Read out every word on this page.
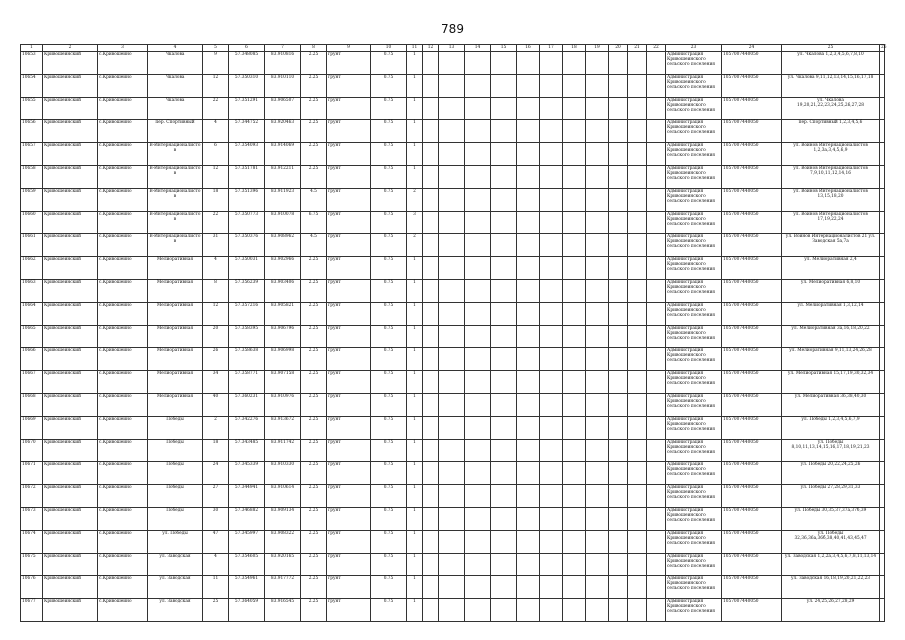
789
1	2	3	4	5	6	7	8	9	10	11	12	13	14	15	16	17	18	19	20	21	22	23	24	25	26
10653	Кривошеинский	с.Кривошеино	Чкалова	9	57.348085	83.910816	2.25	грунт	0.75	1												Администрация Кривошеинского сельского поселения	1057007440050	ул. Чкалова 1,2,3,4,5,6,7,8,10	
10654	Кривошеинский	с.Кривошеино	Чкалова	12	57.350310	83.910110	2.25	грунт	0.75	1												Администрация Кривошеинского сельского поселения	1057007440050	ул. Чкалова 9,11,12,13,14,15,16,17,18	
10655	Кривошеинский	с.Кривошеино	Чкалова	22	57.351291	83.906507	2.25	грунт	0.75	1												Администрация Кривошеинского сельского поселения	1057007440050	ул. Чкалова 19,20,21,22,23,24,25,26,27,28	
10656	Кривошеинский	с.Кривошеино	пер. Спортивный	4	57.344752	83.920463	2.25	грунт	0.75	1												Администрация Кривошеинского сельского поселения	1057007440050	пер. Спортивный 1,2,3,4,5,6	
10657	Кривошеинский	с.Кривошеино	В-Интернационалисто в	6	57.354093	83.914069	2.25	грунт	0.75	1												Администрация Кривошеинского сельского поселения	1057007440050	ул. Воинов Интернационалистов 1,2,3а,3,4,5,6,9	
10658	Кривошеинский	с.Кривошеино	В-Интернационалисто в	12	57.351781	83.912211	2.25	грунт	0.75	1												Администрация Кривошеинского сельского поселения	1057007440050	ул. Воинов Интернационалистов 7,9,10,11,12,14,16	
10659	Кривошеинский	с.Кривошеино	В-Интернационалисто в	18	57.351396	83.911923	4.5	грунт	0.75	2												Администрация Кривошеинского сельского поселения	1057007440050	ул. Воинов Интернационалистов 13,15,18,20	
10660	Кривошеинский	с.Кривошеино	В-Интернационалисто в	22	57.350773	83.910078	6.75	грунт	0.75	3												Администрация Кривошеинского сельского поселения	1057007440050	ул. Воинов Интернационалистов 17,19,22,24	
10661	Кривошеинский	с.Кривошеино	В-Интернационалисто в	31	57.350376	83.908962	4.5	грунт	0.75	2												Администрация Кривошеинского сельского поселения	1057007440050	ул. Воинов Интернационалистов 21 ул. Заводская 5а,7а	
10662	Кривошеинский	с.Кривошеино	Мелиоративная	4	57.350031	83.902966	2.25	грунт	0.75	1												Администрация Кривошеинского сельского поселения	1057007440050	ул. Мелиоративная 2,4	
10663	Кривошеинский	с.Кривошеино	Мелиоративная	8	57.356239	83.903406	2.25	грунт	0.75	1												Администрация Кривошеинского сельского поселения	1057007440050	ул. Мелиоративная 6,8,10	
10664	Кривошеинский	с.Кривошеино	Мелиоративная	12	57.357216	83.905821	2.25	грунт	0.75	1												Администрация Кривошеинского сельского поселения	1057007440050	ул. Мелиоративная 1,3,12,14	
10665	Кривошеинский	с.Кривошеино	Мелиоративная	20	57.358395	83.906796	2.25	грунт	0.75	1												Администрация Кривошеинского сельского поселения	1057007440050	ул. Мелиоративная 3а,16,18,20,22	
10666	Кривошеинский	с.Кривошеино	Мелиоративная	26	57.358638	83.906998	2.25	грунт	0.75	1												Администрация Кривошеинского сельского поселения	1057007440050	ул. Мелиоративная 9,11,13,24,26,28	
10667	Кривошеинский	с.Кривошеино	Мелиоративная	34	57.358771	83.907158	2.25	грунт	0.75	1												Администрация Кривошеинского сельского поселения	1057007440050	ул. Мелиоративная 15,17,19,30,32,34	
10668	Кривошеинский	с.Кривошеино	Мелиоративная	40	57.360231	83.910976	2.25	грунт	0.75	1												Администрация Кривошеинского сельского поселения	1057007440050	ул. Мелиоративная 36,38,40,30	
10669	Кривошеинский	с.Кривошеино	Победы	2	57.342276	83.913672	2.25	грунт	0.75	1												Администрация Кривошеинского сельского поселения	1057007440050	ул. Победы 1,2,3,4,5,6,7,9	
10670	Кривошеинский	с.Кривошеино	Победы	18	57.343485	83.911742	2.25	грунт	0.75	1												Администрация Кривошеинского сельского поселения	1057007440050	ул. Победы 8,10,11,13,14,15,16,17,18,19,21,23	
10671	Кривошеинский	с.Кривошеино	Победы	24	57.345339	83.910330	2.25	грунт	0.75	1												Администрация Кривошеинского сельского поселения	1057007440050	ул. Победы 20,22,24,25,26	
10672	Кривошеинский	с.Кривошеино	Победы	27	57.344941	83.910614	2.25	грунт	0.75	1												Администрация Кривошеинского сельского поселения	1057007440050	ул. Победы 27,28,29,31,33	
10673	Кривошеинский	с.Кривошеино	Победы	30	57.346882	83.909134	2.25	грунт	0.75	1												Администрация Кривошеинского сельского поселения	1057007440050	ул. Победы 30,35,37,37а,37б,39	
10674	Кривошеинский	с.Кривошеино	ул. Победы	47	57.345997	83.908322	2.25	грунт	0.75	1												Администрация Кривошеинского сельского поселения	1057007440050	ул. Победы 32,36,36а,36б,38,40,41,43,45,47	
10675	Кривошеинский	с.Кривошеино	ул. Заводская	4	57.354605	83.920165	2.25	грунт	0.75	1												Администрация Кривошеинского сельского поселения	1057007440050	ул. Заводская 1,2,2а,3,4,5,6,7,8,11,13,14	
10676	Кривошеинский	с.Кривошеино	ул. Заводская	11	57.354961	83.917772	2.25	грунт	0.75	1												Администрация Кривошеинского сельского поселения	1057007440050	ул. Заводская 16,18,19,20,21,22,23	
10677	Кривошеинский	с.Кривошеино	ул. Заводская	25	57.364059	83.916545	2.25	грунт	0.75	1												Администрация Кривошеинского сельского поселения	1057007440050	ул. 24,25,26,27,28,29	
